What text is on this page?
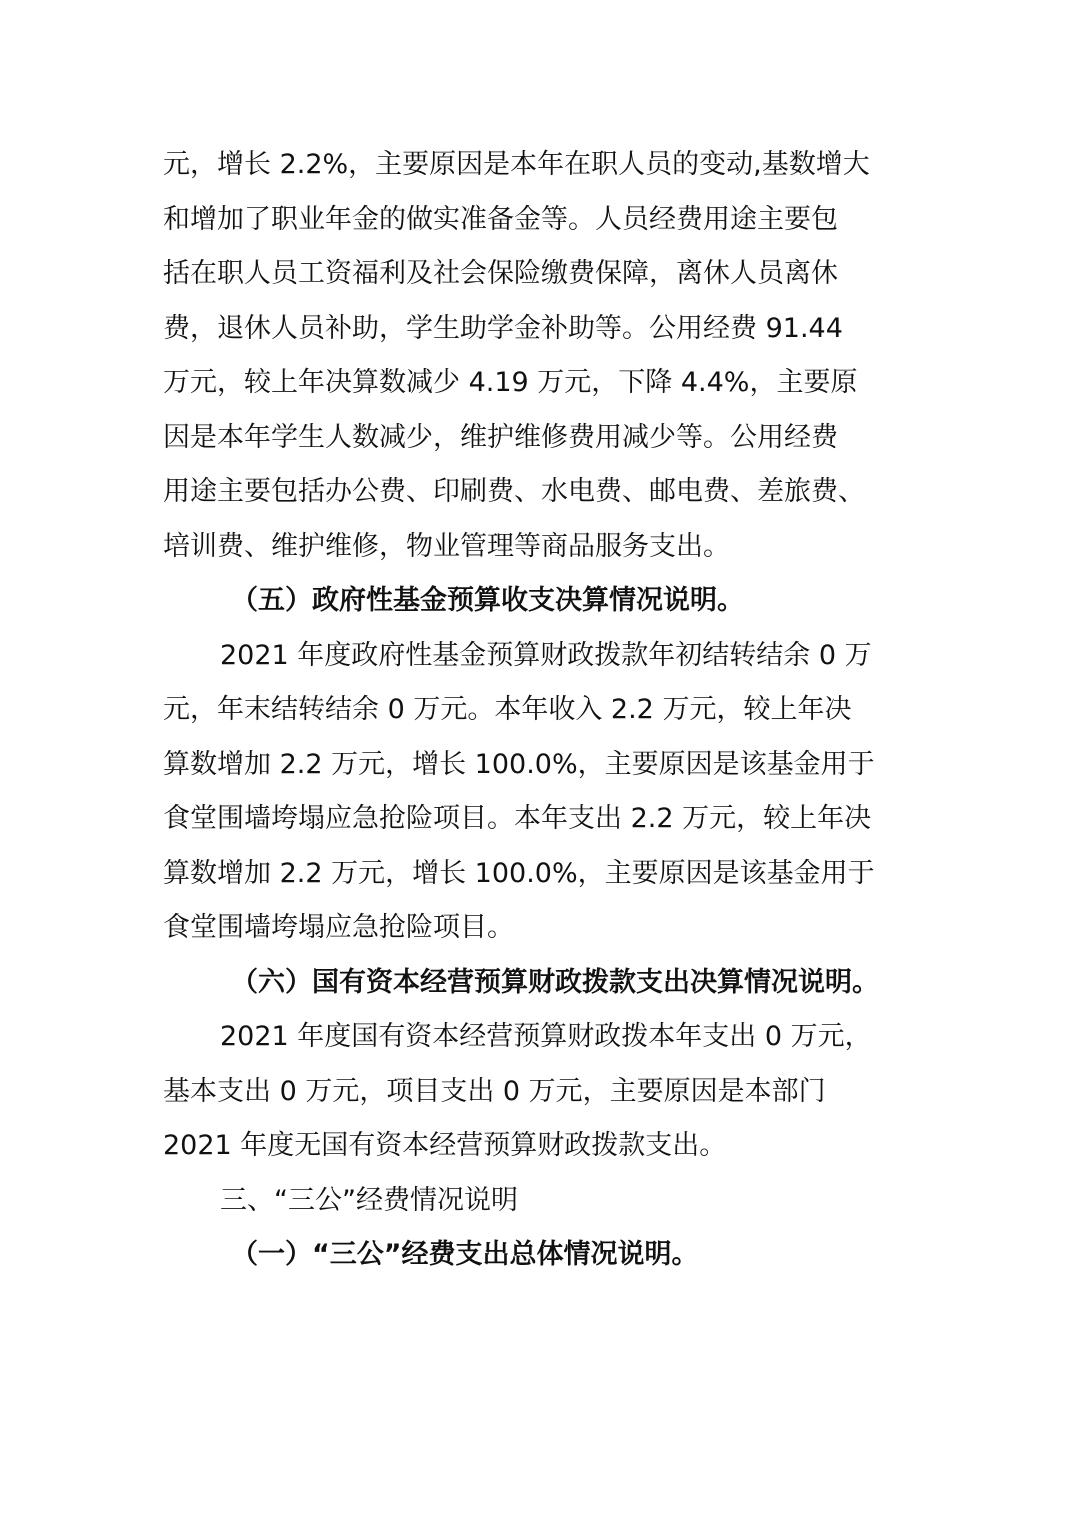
元，增长 2.2%，主要原因是本年在职人员的变动,基数增大
和增加了职业年金的做实准备金等。人员经费用途主要包
括在职人员工资福利及社会保险缴费保障，离休人员离休
费，退休人员补助，学生助学金补助等。公用经费 91.44
万元，较上年决算数减少 4.19 万元，下降 4.4%，主要原
因是本年学生人数减少，维护维修费用减少等。公用经费
用途主要包括办公费、印刷费、水电费、邮电费、差旅费、
培训费、维护维修，物业管理等商品服务支出。
（五）政府性基金预算收支决算情况说明。
2021 年度政府性基金预算财政拨款年初结转结余 0 万
元，年末结转结余 0 万元。本年收入 2.2 万元，较上年决
算数增加 2.2 万元，增长 100.0%，主要原因是该基金用于
食堂围墙垮塌应急抢险项目。本年支出 2.2 万元，较上年决
算数增加 2.2 万元，增长 100.0%，主要原因是该基金用于
食堂围墙垮塌应急抢险项目。
（六）国有资本经营预算财政拨款支出决算情况说明。
2021 年度国有资本经营预算财政拨本年支出 0 万元，
基本支出 0 万元，项目支出 0 万元，主要原因是本部门
2021 年度无国有资本经营预算财政拨款支出。
三、“三公”经费情况说明
（一）“三公”经费支出总体情况说明。
